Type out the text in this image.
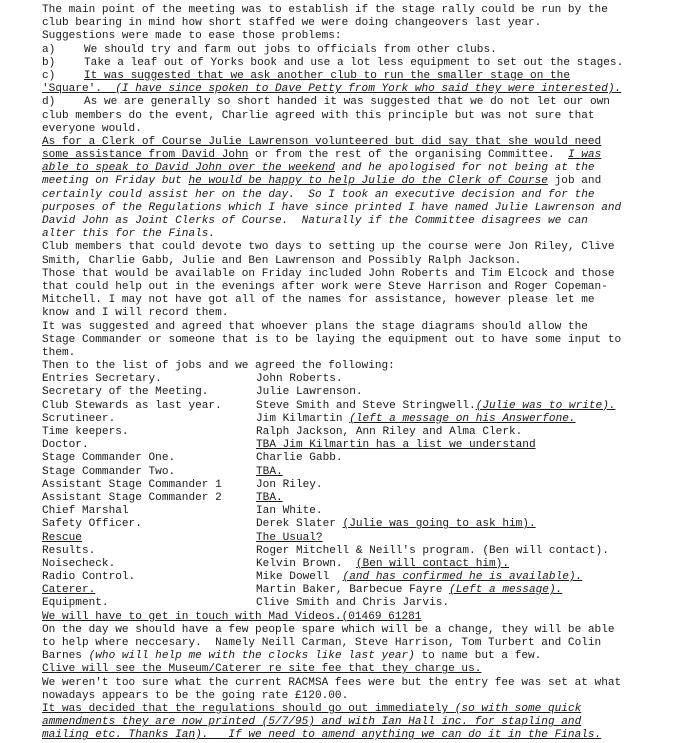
The main point of the meeting was to establish if the stage rally could be run by the
club bearing in mind how short staffed we were doing changeovers last year.
Suggestions were made to ease those problems:
a)	We should try and farm out jobs to officials from other clubs.
b)	Take a leaf out of Yorks book and use a lot less equipment to set out the stages.
c)	It was suggested that we ask another club to run the smaller stage on the
'Square'.  (I have since spoken to Dave Petty from York who said they were interested).
d)	As we are generally so short handed it was suggested that we do not let our own
club members do the event, Charlie agreed with this principle but was not sure that
everyone would.
As for a Clerk of Course Julie Lawrenson volunteered but did say that she would need
some assistance from David John or from the rest of the organising Committee.  I was
able to speak to David John over the weekend and he apologised for not being at the
meeting on Friday but he would be happy to help Julie do the Clerk of Course job and
certainly could assist her on the day.  So I took an executive decision and for the
purposes of the Regulations which I have since printed I have named Julie Lawrenson and
David John as Joint Clerks of Course.  Naturally if the Committee disagrees we can
alter this for the Finals.
Club members that could devote two days to setting up the course were Jon Riley, Clive
Smith, Charlie Gabb, Julie and Ben Lawrenson and Possibly Ralph Jackson.
Those that would be available on Friday included John Roberts and Tim Elcock and those
that could help out in the evenings after work were Steve Harrison and Roger Copeman-
Mitchell. I may not have got all of the names for assistance, however please let me
know and I will record them.
It was suggested and agreed that whoever plans the stage diagrams should allow the
Stage Commander or someone that is to be laying the equipment out to have some input to
them.
Then to the list of jobs and we agreed the following:
Entries Secretary.	John Roberts.
Secretary of the Meeting.	Julie Lawrenson.
Club Stewards as last year.	Steve Smith and Steve Stringwell.(Julie was to write).
Scrutineer.	Jim Kilmartin (left a message on his Answerfone.
Time keepers.	Ralph Jackson, Ann Riley and Alma Clerk.
Doctor.	TBA Jim Kilmartin has a list we understand
Stage Commander One.	Charlie Gabb.
Stage Commander Two.	TBA.
Assistant Stage Commander 1	Jon Riley.
Assistant Stage Commander 2	TBA.
Chief Marshal	Ian White.
Safety Officer.	Derek Slater (Julie was going to ask him).
Rescue	The Usual?
Results.	Roger Mitchell & Neill's program. (Ben will contact).
Noisecheck.	Kelvin Brown.  (Ben will contact him).
Radio Control.	Mike Dowell  (and has confirmed he is available).
Caterer.	Martin Baker, Barbecue Fayre (Left a message).
Equipment.	Clive Smith and Chris Jarvis.
We will have to get in touch with Mad Videos.(01469 61281
On the day we should have a few people spare which will be a change, they will be able
to help where neccesary.  Namely Neill Carman, Steve Harrison, Tom Turbert and Colin
Barnes (who will help me with the clocks like last year) to name but a few.
Clive will see the Museum/Caterer re site fee that they charge us.
We weren't too sure what the current RACMSA fees were but the entry fee was set at what
nowadays appears to be the going rate £120.00.
It was decided that the regulations should go out immediately (so with some quick
ammendments they are now printed (5/7/95) and with Ian Hall inc. for stapling and
mailing etc. Thanks Ian).   If we need to amend anything we can do it in the Finals.
